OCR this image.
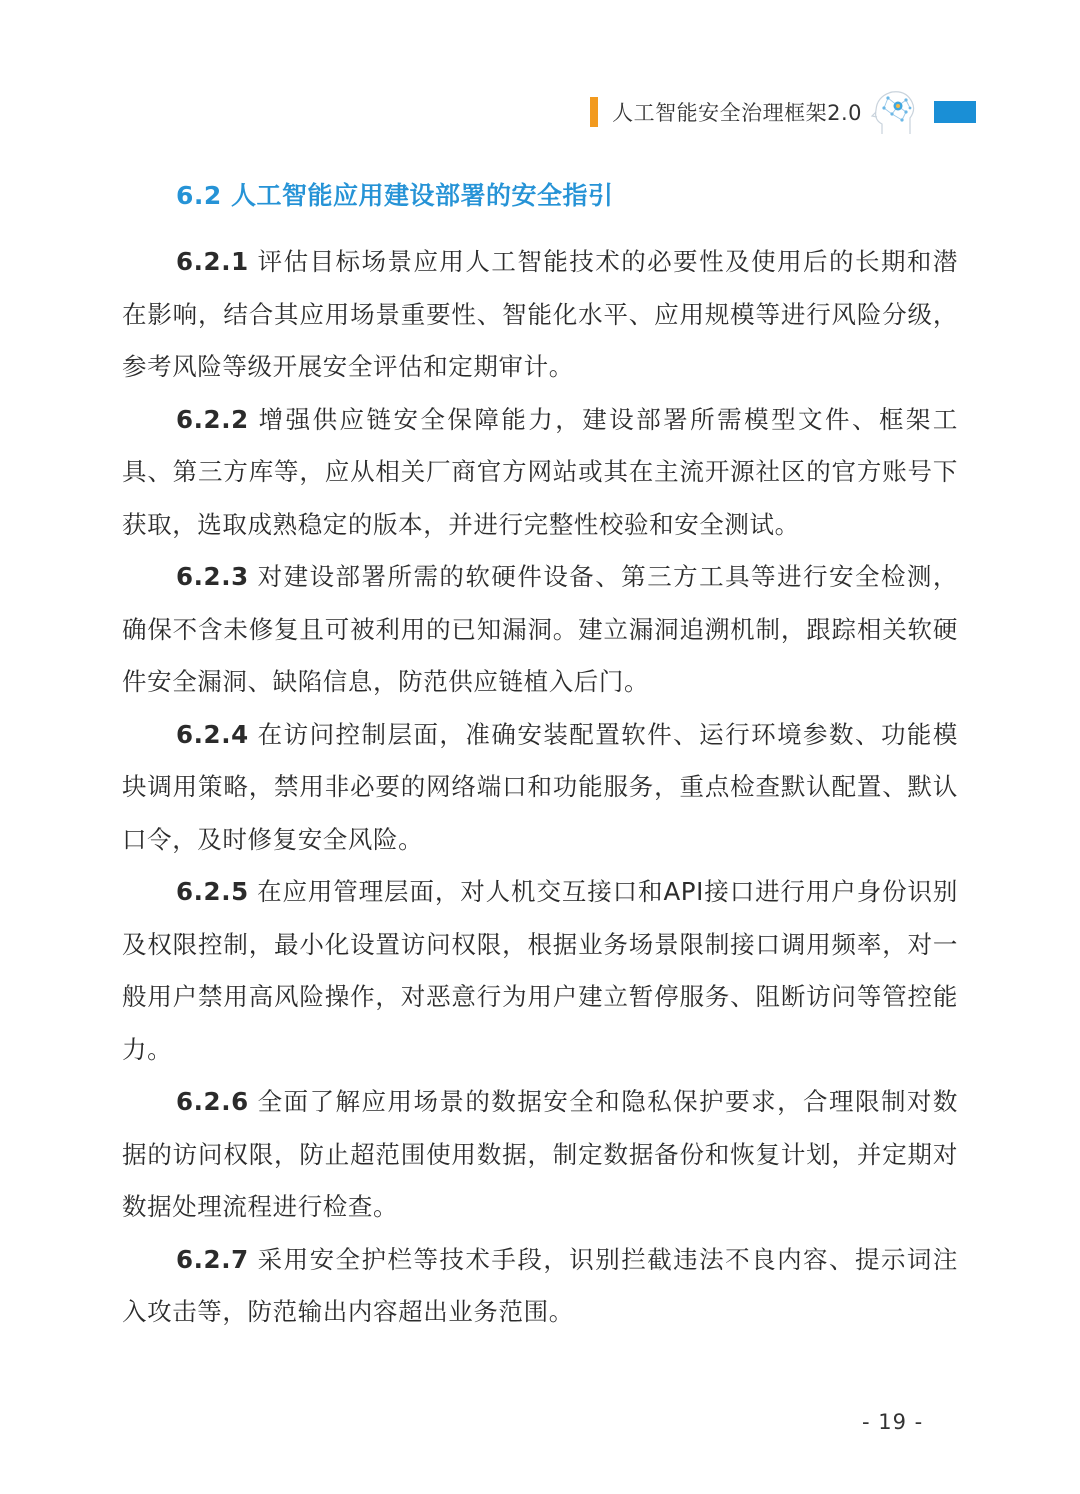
人工智能安全治理框架2.0
6.2 人工智能应用建设部署的安全指引

6.2.1 评估目标场景应用人工智能技术的必要性及使用后的长期和潜在影响，结合其应用场景重要性、智能化水平、应用规模等进行风险分级，参考风险等级开展安全评估和定期审计。

6.2.2 增强供应链安全保障能力，建设部署所需模型文件、框架工具、第三方库等，应从相关厂商官方网站或其在主流开源社区的官方账号下获取，选取成熟稳定的版本，并进行完整性校验和安全测试。

6.2.3 对建设部署所需的软硬件设备、第三方工具等进行安全检测，确保不含未修复且可被利用的已知漏洞。建立漏洞追溯机制，跟踪相关软硬件安全漏洞、缺陷信息，防范供应链植入后门。

6.2.4 在访问控制层面，准确安装配置软件、运行环境参数、功能模块调用策略，禁用非必要的网络端口和功能服务，重点检查默认配置、默认口令，及时修复安全风险。

6.2.5 在应用管理层面，对人机交互接口和API接口进行用户身份识别及权限控制，最小化设置访问权限，根据业务场景限制接口调用频率，对一般用户禁用高风险操作，对恶意行为用户建立暂停服务、阻断访问等管控能力。

6.2.6 全面了解应用场景的数据安全和隐私保护要求，合理限制对数据的访问权限，防止超范围使用数据，制定数据备份和恢复计划，并定期对数据处理流程进行检查。

6.2.7 采用安全护栏等技术手段，识别拦截违法不良内容、提示词注入攻击等，防范输出内容超出业务范围。

- 19 -
